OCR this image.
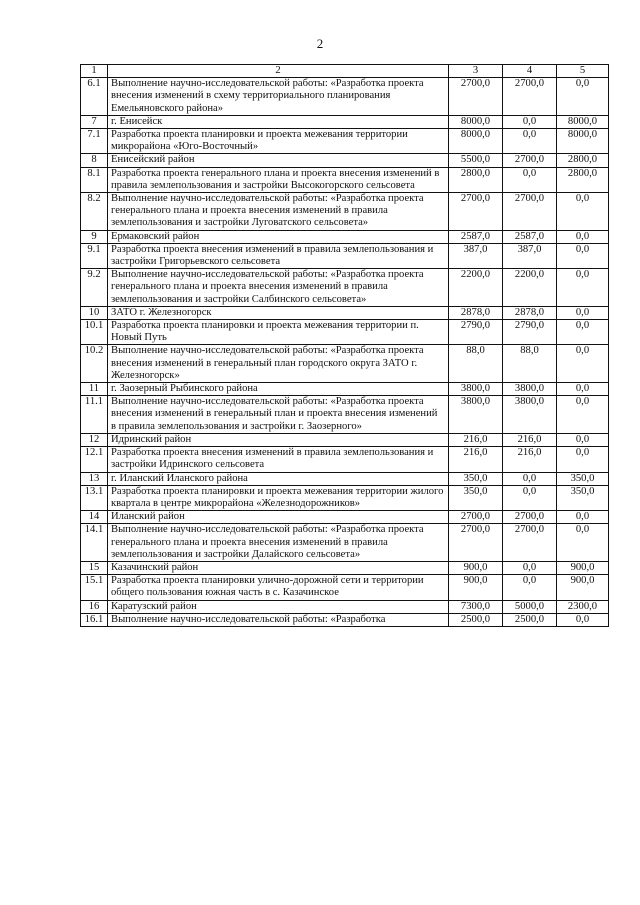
2
1	2	3	4	5
6.1	Выполнение научно-исследовательской работы: «Разработка проекта внесения изменений в схему территориального планирования Емельяновского района»	2700,0	2700,0	0,0
7	г. Енисейск	8000,0	0,0	8000,0
7.1	Разработка проекта планировки и проекта межевания территории микрорайона «Юго-Восточный»	8000,0	0,0	8000,0
8	Енисейский район	5500,0	2700,0	2800,0
8.1	Разработка проекта генерального плана и проекта внесения изменений в правила землепользования и застройки Высокогорского сельсовета	2800,0	0,0	2800,0
8.2	Выполнение научно-исследовательской работы: «Разработка проекта генерального плана и проекта внесения изменений в правила землепользования и застройки Луговатского сельсовета»	2700,0	2700,0	0,0
9	Ермаковский район	2587,0	2587,0	0,0
9.1	Разработка проекта внесения изменений в правила землепользования и застройки Григорьевского сельсовета	387,0	387,0	0,0
9.2	Выполнение научно-исследовательской работы: «Разработка проекта генерального плана и проекта внесения изменений в правила землепользования и застройки Салбинского сельсовета»	2200,0	2200,0	0,0
10	ЗАТО г. Железногорск	2878,0	2878,0	0,0
10.1	Разработка проекта планировки и проекта межевания территории п. Новый Путь	2790,0	2790,0	0,0
10.2	Выполнение научно-исследовательской работы: «Разработка проекта внесения изменений в генеральный план городского округа ЗАТО г. Железногорск»	88,0	88,0	0,0
11	г. Заозерный Рыбинского района	3800,0	3800,0	0,0
11.1	Выполнение научно-исследовательской работы: «Разработка проекта внесения изменений в генеральный план и проекта внесения изменений в правила землепользования и застройки г. Заозерного»	3800,0	3800,0	0,0
12	Идринский район	216,0	216,0	0,0
12.1	Разработка проекта внесения изменений в правила землепользования и застройки Идринского сельсовета	216,0	216,0	0,0
13	г. Иланский Иланского района	350,0	0,0	350,0
13.1	Разработка проекта планировки и проекта межевания территории жилого квартала в центре микрорайона «Железнодорожников»	350,0	0,0	350,0
14	Иланский район	2700,0	2700,0	0,0
14.1	Выполнение научно-исследовательской работы: «Разработка проекта генерального плана и проекта внесения изменений в правила землепользования и застройки Далайского сельсовета»	2700,0	2700,0	0,0
15	Казачинский район	900,0	0,0	900,0
15.1	Разработка проекта планировки улично-дорожной сети и территории общего пользования южная часть в с. Казачинское	900,0	0,0	900,0
16	Каратузский район	7300,0	5000,0	2300,0
16.1	Выполнение научно-исследовательской работы: «Разработка	2500,0	2500,0	0,0
